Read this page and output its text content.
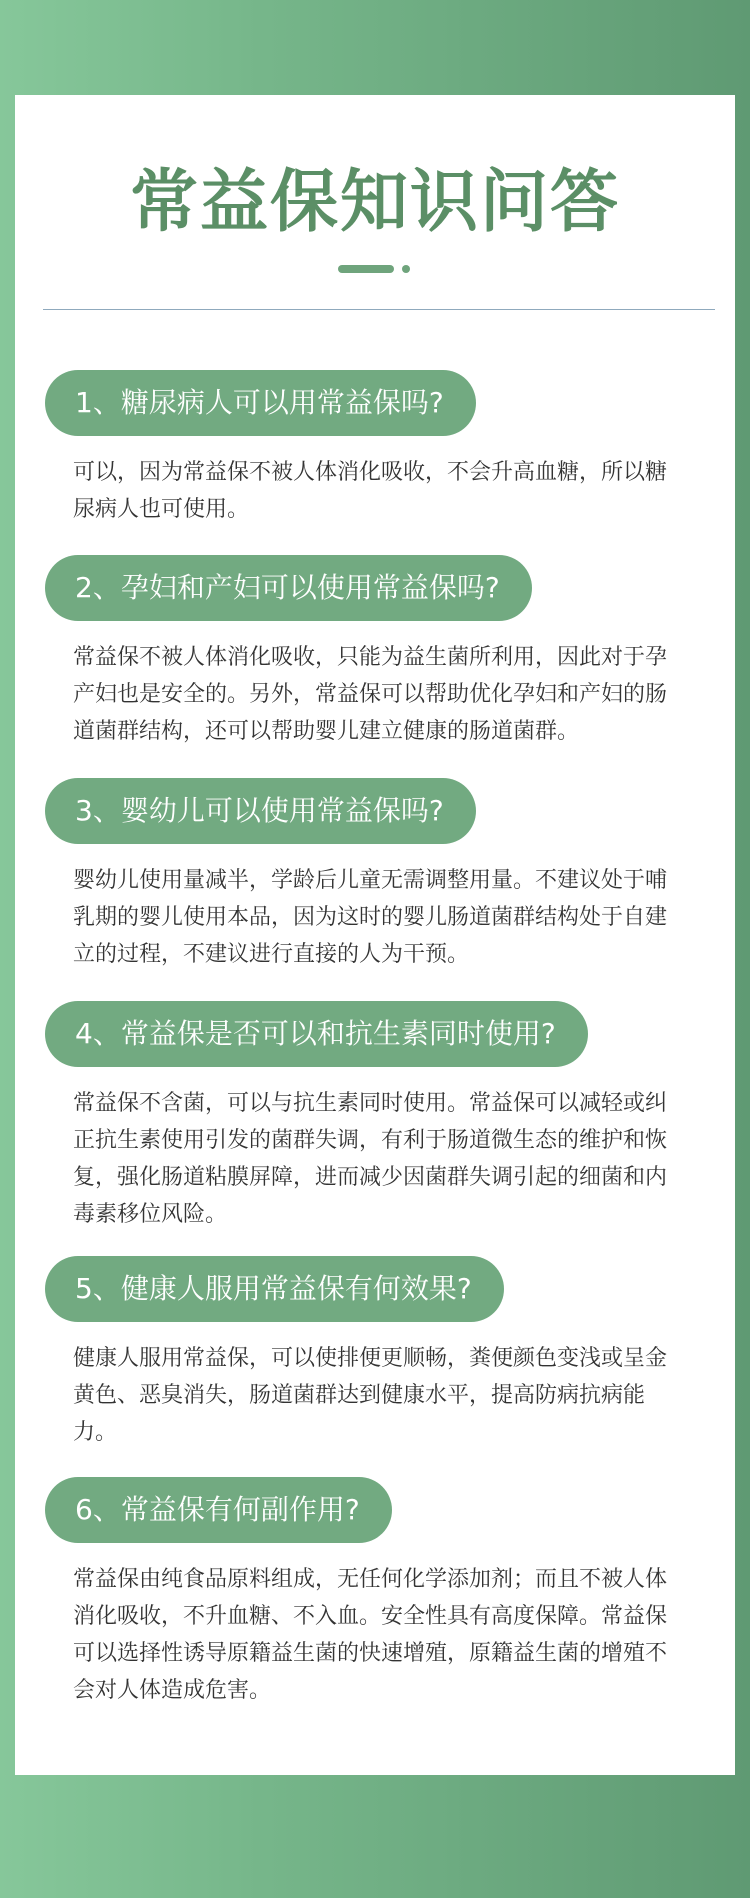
常益保知识问答
1、糖尿病人可以用常益保吗?
可以，因为常益保不被人体消化吸收，不会升高血糖，所以糖尿病人也可使用。
2、孕妇和产妇可以使用常益保吗?
常益保不被人体消化吸收，只能为益生菌所利用，因此对于孕产妇也是安全的。另外，常益保可以帮助优化孕妇和产妇的肠道菌群结构，还可以帮助婴儿建立健康的肠道菌群。
3、婴幼儿可以使用常益保吗?
婴幼儿使用量减半，学龄后儿童无需调整用量。不建议处于哺乳期的婴儿使用本品，因为这时的婴儿肠道菌群结构处于自建立的过程，不建议进行直接的人为干预。
4、常益保是否可以和抗生素同时使用?
常益保不含菌，可以与抗生素同时使用。常益保可以减轻或纠正抗生素使用引发的菌群失调，有利于肠道微生态的维护和恢复，强化肠道粘膜屏障，进而减少因菌群失调引起的细菌和内毒素移位风险。
5、健康人服用常益保有何效果?
健康人服用常益保，可以使排便更顺畅，粪便颜色变浅或呈金黄色、恶臭消失，肠道菌群达到健康水平，提高防病抗病能力。
6、常益保有何副作用?
常益保由纯食品原料组成，无任何化学添加剂；而且不被人体消化吸收，不升血糖、不入血。安全性具有高度保障。常益保可以选择性诱导原籍益生菌的快速增殖，原籍益生菌的增殖不会对人体造成危害。
